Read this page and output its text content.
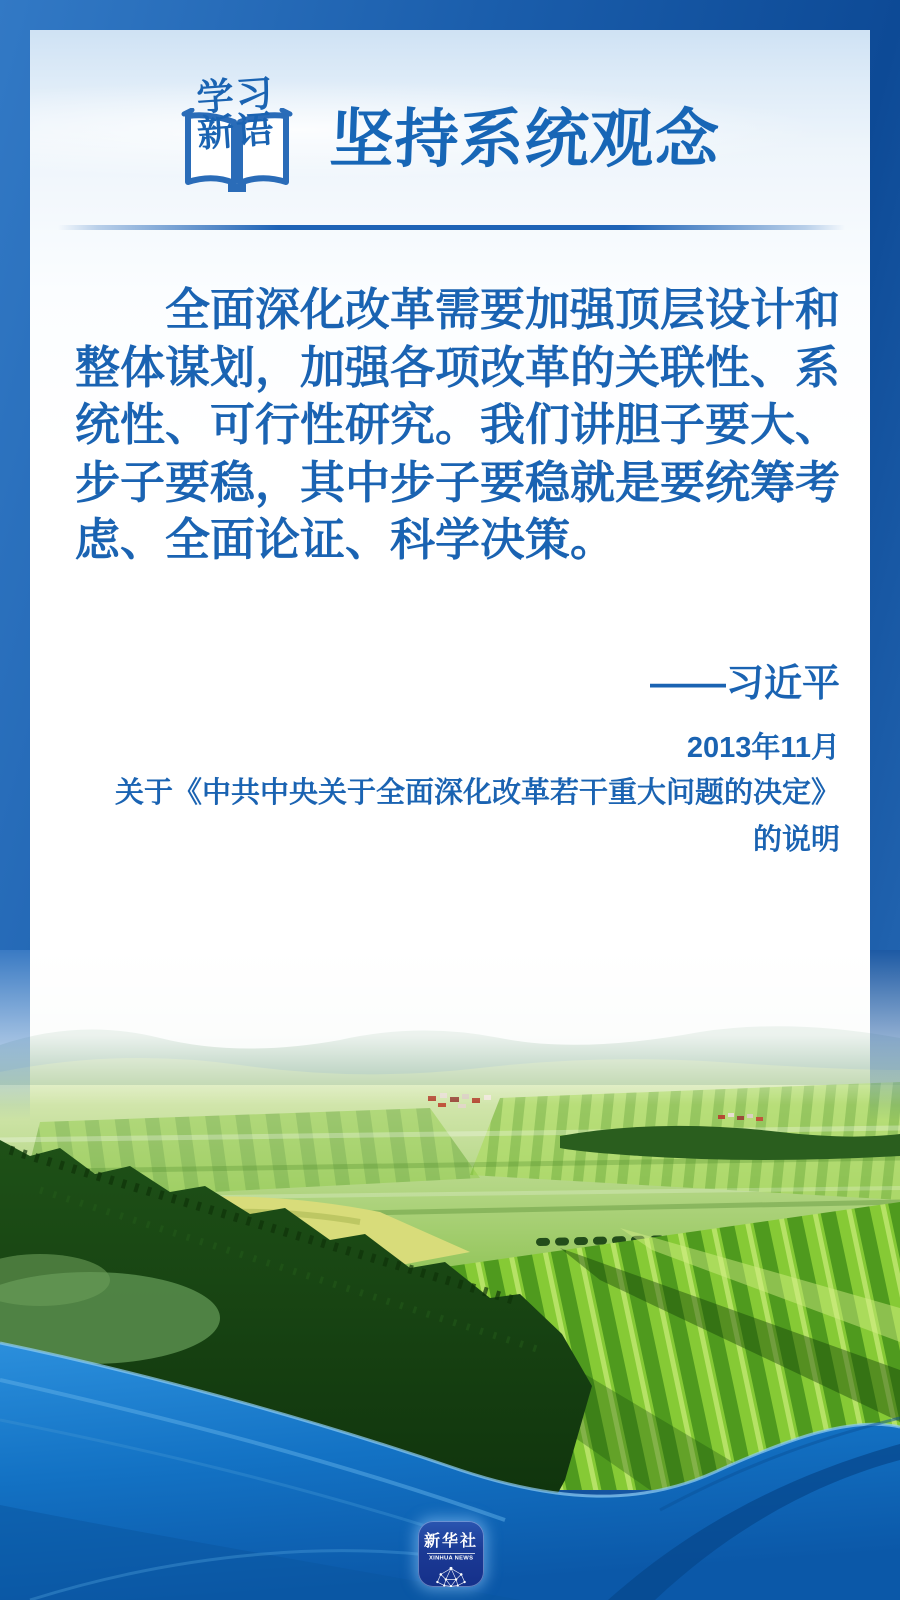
学习
新语 坚持系统观念

全面深化改革需要加强顶层设计和整体谋划，加强各项改革的关联性、系统性、可行性研究。我们讲胆子要大、步子要稳，其中步子要稳就是要统筹考虑、全面论证、科学决策。

——习近平
2013年11月
关于《中共中央关于全面深化改革若干重大问题的决定》
的说明
新华社
XINHUA NEWS
